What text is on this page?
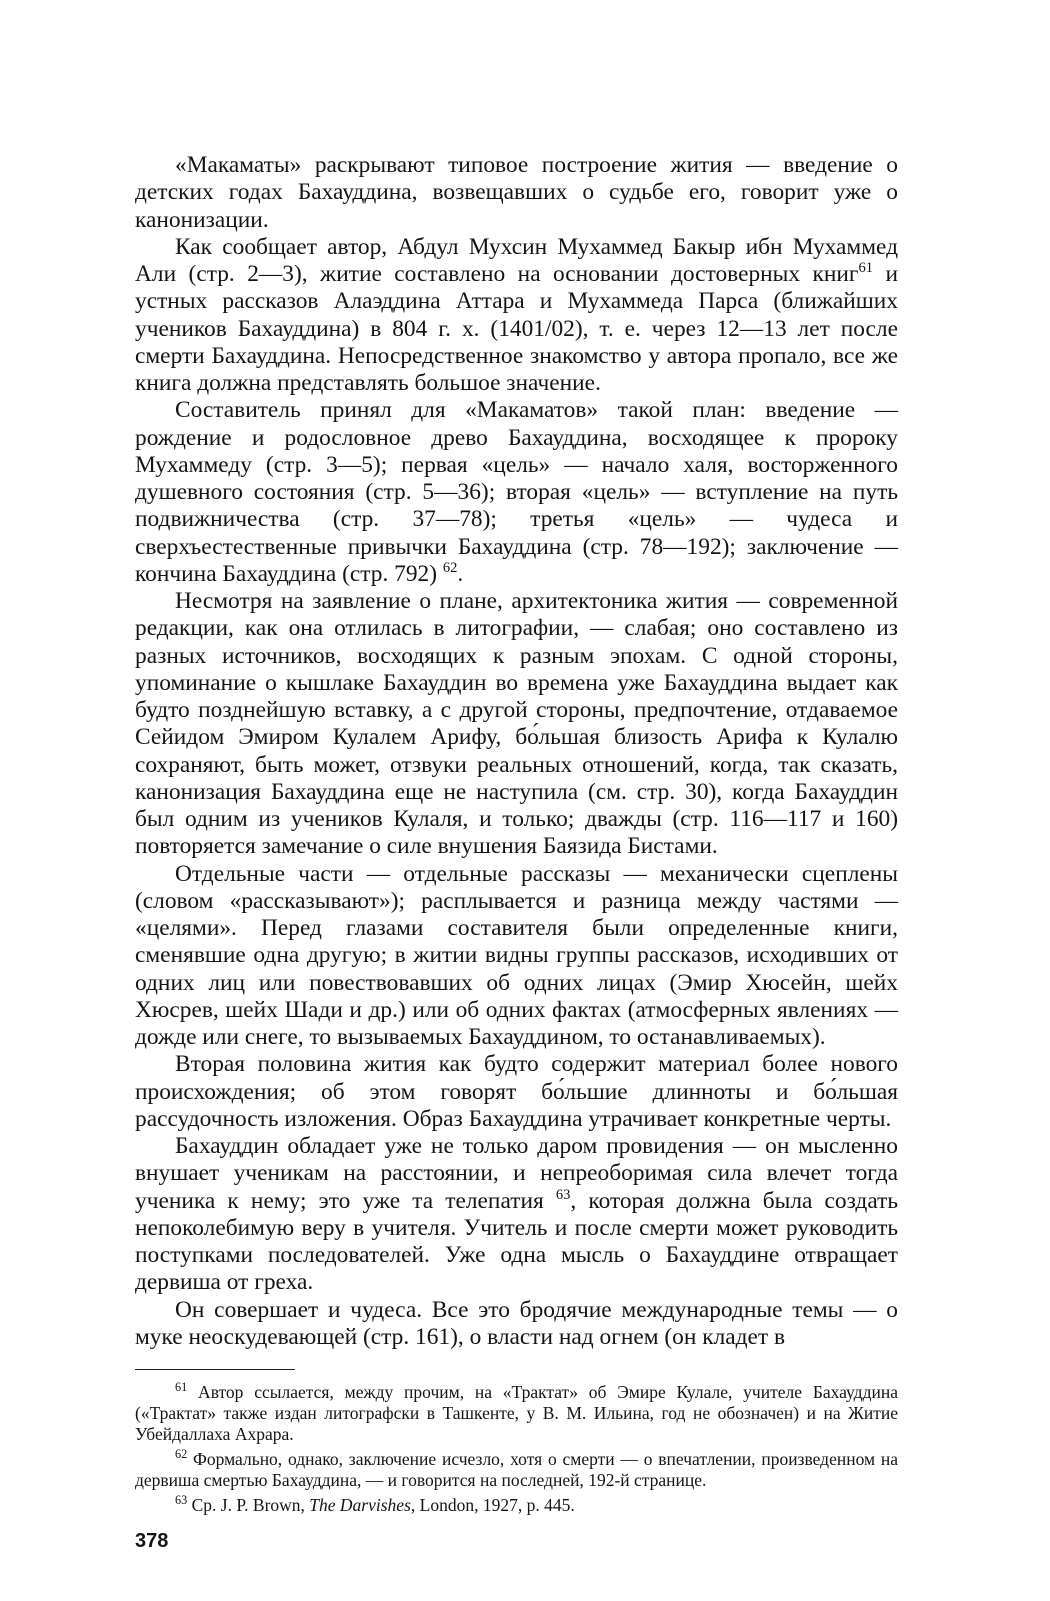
«Макаматы» раскрывают типовое построение жития — введение о детских годах Бахауддина, возвещавших о судьбе его, говорит уже о канонизации.

Как сообщает автор, Абдул Мухсин Мухаммед Бакыр ибн Мухаммед Али (стр. 2—3), житие составлено на основании достоверных книг$^{61}$ и устных рассказов Алаэддина Аттара и Мухаммеда Парса (ближайших учеников Бахауддина) в 804 г. х. (1401/02), т. е. через 12—13 лет после смерти Бахауддина. Непосредственное знакомство у автора пропало, все же книга должна представлять большое значение.

Составитель принял для «Макаматов» такой план: введение — рождение и родословное древо Бахауддина, восходящее к пророку Мухаммеду (стр. 3—5); первая «цель» — начало халя, восторженного душевного состояния (стр. 5—36); вторая «цель» — вступление на путь подвижничества (стр. 37—78); третья «цель» — чудеса и сверхъестественные привычки Бахауддина (стр. 78—192); заключение — кончина Бахауддина (стр. 792) $^{62}$.

Несмотря на заявление о плане, архитектоника жития — современной редакции, как она отлилась в литографии, — слабая; оно составлено из разных источников, восходящих к разным эпохам. С одной стороны, упоминание о кышлаке Бахауддин во времена уже Бахауддина выдает как будто позднейшую вставку, а с другой стороны, предпочтение, отдаваемое Сейидом Эмиром Кулалем Арифу, бо́льшая близость Арифа к Кулалю сохраняют, быть может, отзвуки реальных отношений, когда, так сказать, канонизация Бахауддина еще не наступила (см. стр. 30), когда Бахауддин был одним из учеников Кулаля, и только; дважды (стр. 116—117 и 160) повторяется замечание о силе внушения Баязида Бистами.

Отдельные части — отдельные рассказы — механически сцеплены (словом «рассказывают»); расплывается и разница между частями — «целями». Перед глазами составителя были определенные книги, сменявшие одна другую; в житии видны группы рассказов, исходивших от одних лиц или повествовавших об одних лицах (Эмир Хюсейн, шейх Хюсрев, шейх Шади и др.) или об одних фактах (атмосферных явлениях — дожде или снеге, то вызываемых Бахауддином, то останавливаемых).

Вторая половина жития как будто содержит материал более нового происхождения; об этом говорят бо́льшие длинноты и бо́льшая рассудочность изложения. Образ Бахауддина утрачивает конкретные черты.

Бахауддин обладает уже не только даром провидения — он мысленно внушает ученикам на расстоянии, и непреоборимая сила влечет тогда ученика к нему; это уже та телепатия $^{63}$, которая должна была создать непоколебимую веру в учителя. Учитель и после смерти может руководить поступками последователей. Уже одна мысль о Бахауддине отвращает дервиша от греха.

Он совершает и чудеса. Все это бродячие международные темы — о муке неоскудевающей (стр. 161), о власти над огнем (он кладет в

$^{61}$ Автор ссылается, между прочим, на «Трактат» об Эмире Кулале, учителе Бахауддина («Трактат» также издан литографски в Ташкенте, у В. М. Ильина, год не обозначен) и на Житие Убейдаллаха Ахрара.

$^{62}$ Формально, однако, заключение исчезло, хотя о смерти — о впечатлении, произведенном на дервиша смертью Бахауддина, — и говорится на последней, 192-й странице.

$^{63}$ Ср. J. P. Brown, The Darvishes, London, 1927, p. 445.

378
